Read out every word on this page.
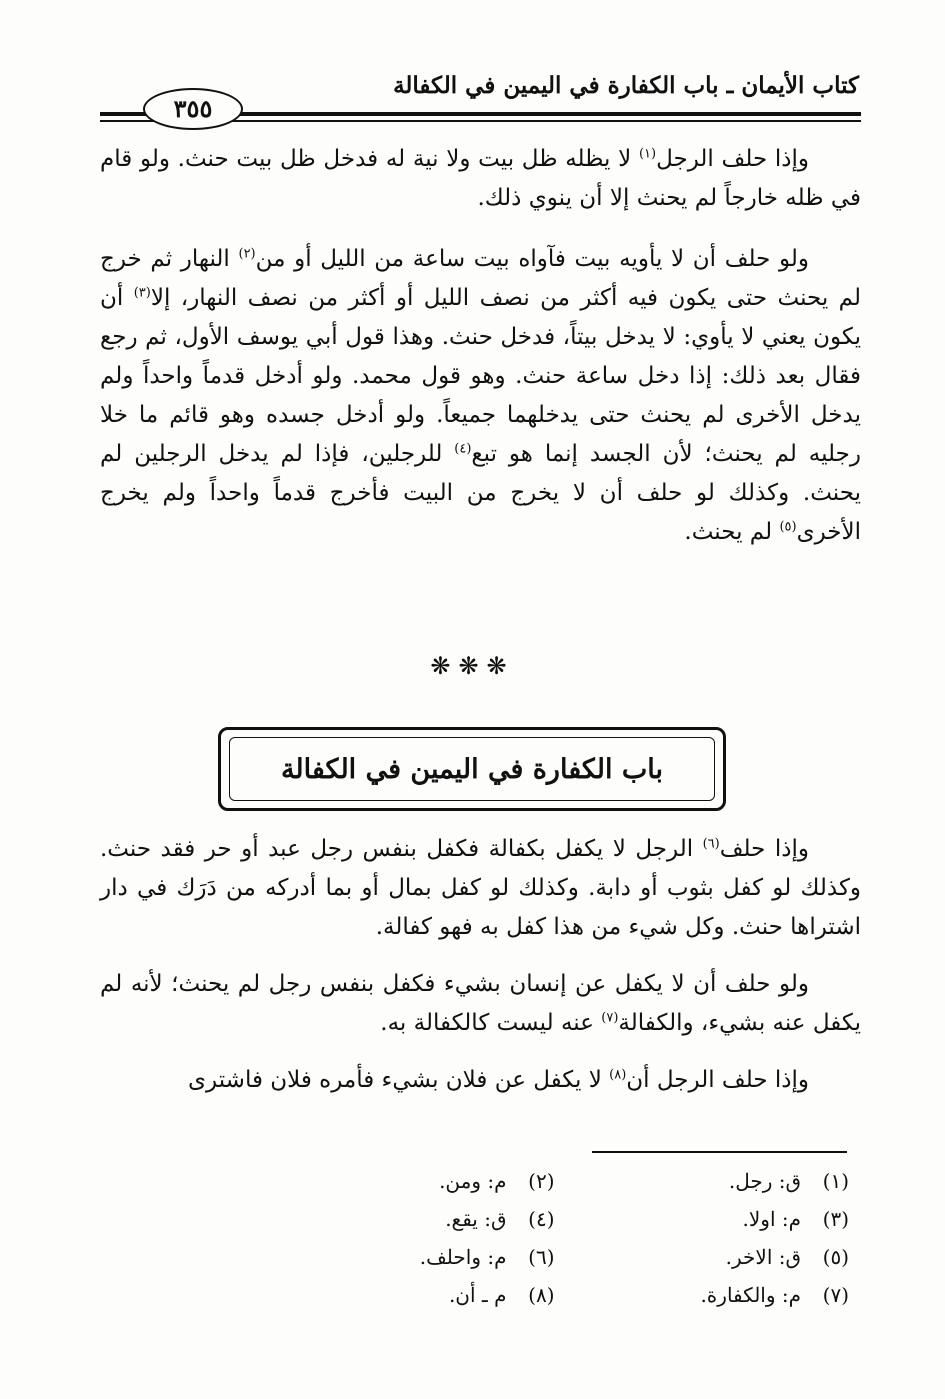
كتاب الأيمان ـ باب الكفارة في اليمين في الكفالة
٣٥٥

وإذا حلف الرجل$^{(١)}$ لا يظله ظل بيت ولا نية له فدخل ظل بيت حنث. ولو قام في ظله خارجاً لم يحنث إلا أن ينوي ذلك.

ولو حلف أن لا يأويه بيت فآواه بيت ساعة من الليل أو من$^{(٢)}$ النهار ثم خرج لم يحنث حتى يكون فيه أكثر من نصف الليل أو أكثر من نصف النهار، إلا$^{(٣)}$ أن يكون يعني لا يأوي: لا يدخل بيتاً، فدخل حنث. وهذا قول أبي يوسف الأول، ثم رجع فقال بعد ذلك: إذا دخل ساعة حنث. وهو قول محمد. ولو أدخل قدماً واحداً ولم يدخل الأخرى لم يحنث حتى يدخلهما جميعاً. ولو أدخل جسده وهو قائم ما خلا رجليه لم يحنث؛ لأن الجسد إنما هو تبع$^{(٤)}$ للرجلين، فإذا لم يدخل الرجلين لم يحنث. وكذلك لو حلف أن لا يخرج من البيت فأخرج قدماً واحداً ولم يخرج الأخرى$^{(٥)}$ لم يحنث.

❋❋❋
باب الكفارة في اليمين في الكفالة

وإذا حلف$^{(٦)}$ الرجل لا يكفل بكفالة فكفل بنفس رجل عبد أو حر فقد حنث. وكذلك لو كفل بثوب أو دابة. وكذلك لو كفل بمال أو بما أدركه من دَرَك في دار اشتراها حنث. وكل شيء من هذا كفل به فهو كفالة.

ولو حلف أن لا يكفل عن إنسان بشيء فكفل بنفس رجل لم يحنث؛ لأنه لم يكفل عنه بشيء، والكفالة$^{(٧)}$ عنه ليست كالكفالة به.

وإذا حلف الرجل أن$^{(٨)}$ لا يكفل عن فلان بشيء فأمره فلان فاشترى

(١)ق: رجل.
(٢)م: ومن.
(٣)م: اولا.
(٤)ق: يقع.
(٥)ق: الاخر.
(٦)م: واحلف.
(٧)م: والكفارة.
(٨)م ـ أن.
